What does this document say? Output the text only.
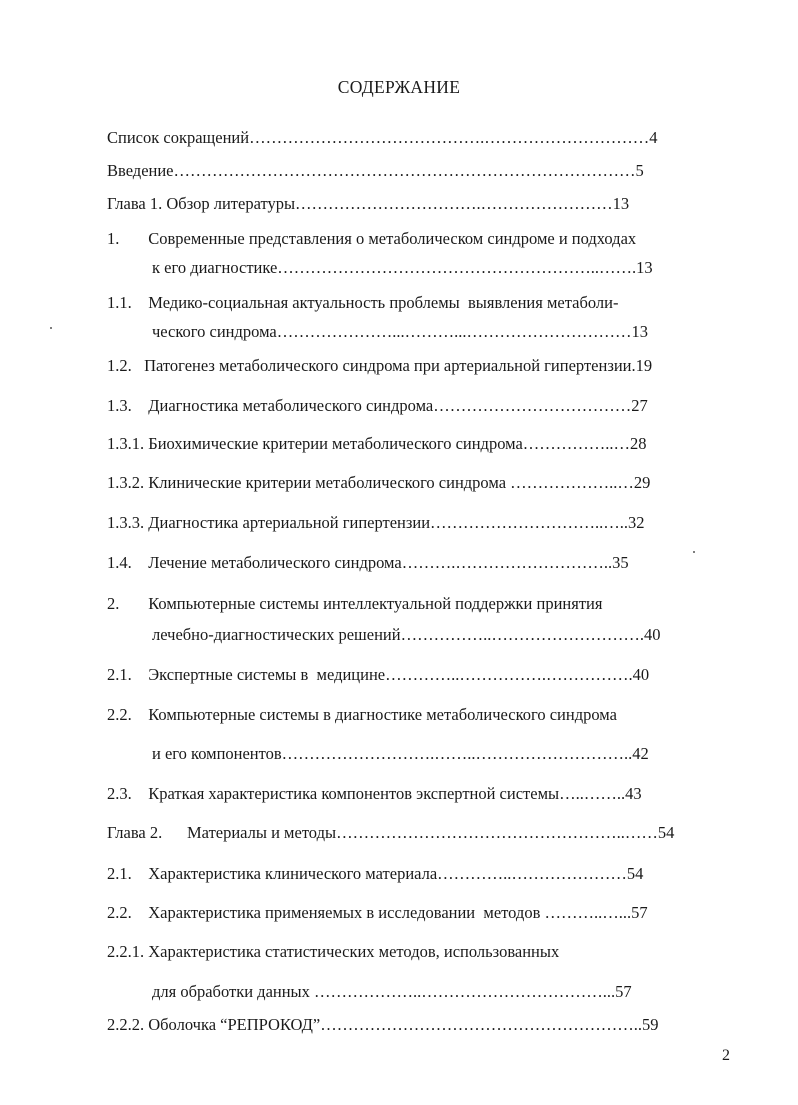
СОДЕРЖАНИЕ
Список сокращений…………………………………….…………………………4
Введение…………………………………………………………………………5
Глава 1. Обзор литературы…………………………….……………………13
1.       Современные представления о метаболическом синдроме и подходах
к его диагностике…………………………………………………..…….13
1.1.    Медико-социальная актуальность проблемы  выявления метаболи-
ческого синдрома…………………...………...…………………………13
1.2.   Патогенез метаболического синдрома при артериальной гипертензии.19
1.3.    Диагностика метаболического синдрома………………………………27
1.3.1. Биохимические критерии метаболического синдрома……………..…28
1.3.2. Клинические критерии метаболического синдрома ………………..…29
1.3.3. Диагностика артериальной гипертензии…………………………..…..32
1.4.    Лечение метаболического синдрома……….………………………..35
2.       Компьютерные системы интеллектуальной поддержки принятия
лечебно-диагностических решений……………..……………………….40
2.1.    Экспертные системы в  медицине…………..…………….…………….40
2.2.    Компьютерные системы в диагностике метаболического синдрома
и его компонентов……………………….……..………………………..42
2.3.    Краткая характеристика компонентов экспертной системы…..……..43
Глава 2.      Материалы и методы……………………………………………..……54
2.1.    Характеристика клинического материала…………..…………………54
2.2.    Характеристика применяемых в исследовании  методов ………..…...57
2.2.1. Характеристика статистических методов, использованных
для обработки данных ………………..……………………………...57
2.2.2. Оболочка “РЕПРОКОД”…………………………………………………..59
2
